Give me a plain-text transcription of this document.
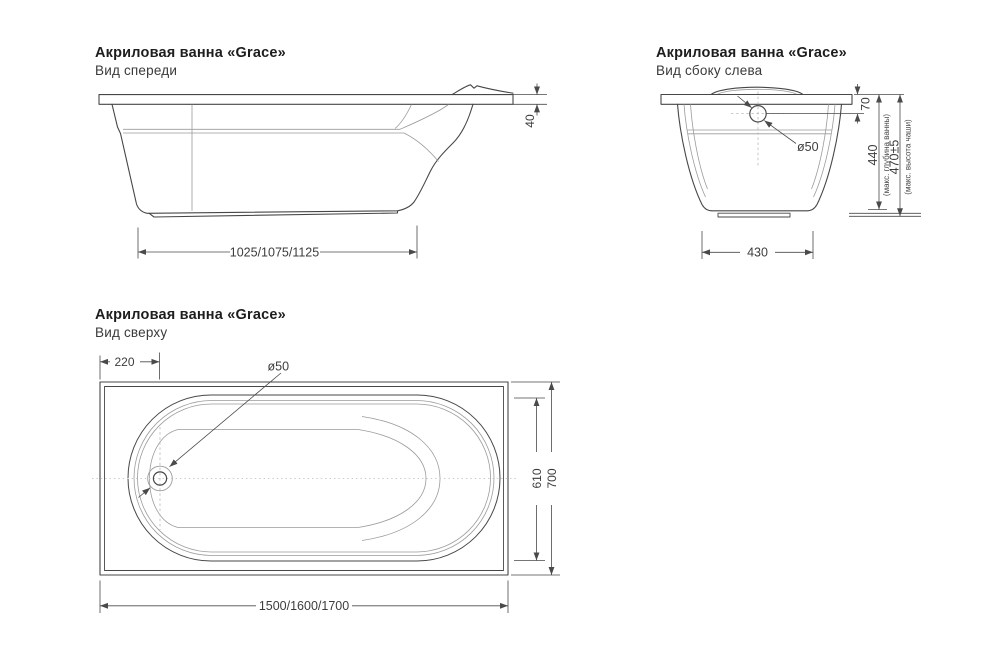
Акриловая ванна «Grace»
Вид спереди
Акриловая ванна «Grace»
Вид сбоку слева
Акриловая ванна «Grace»
Вид сверху
40
1025/1075/1125
ø50
70
440 (макс. глубина ванны)
470±5 (макс. высота чаши)
430
ø50
220
610 700
1500/1600/1700
